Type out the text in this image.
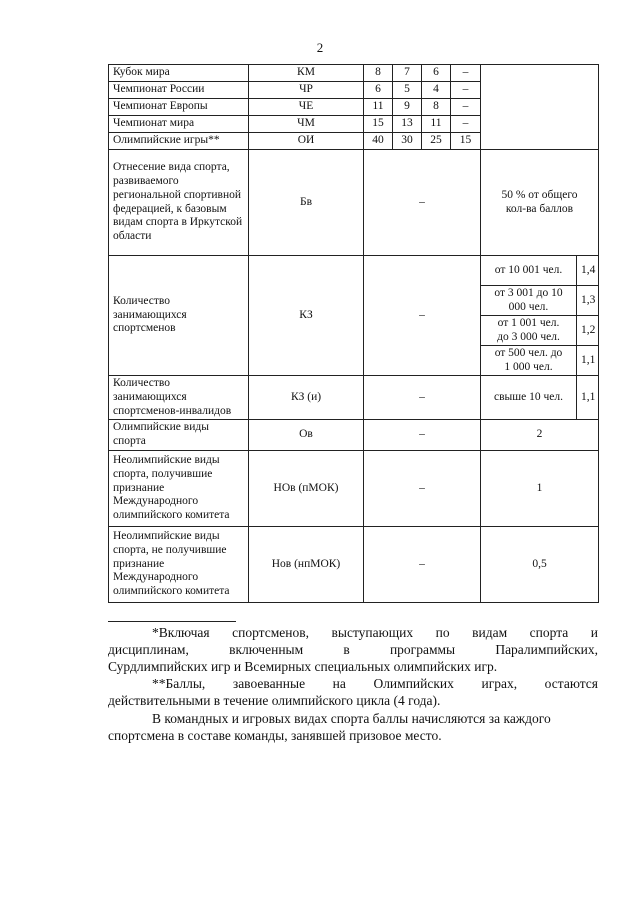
2
Кубок мира	КМ	8	7	6	–		
Чемпионат России	ЧР	6	5	4	–		
Чемпионат Европы	ЧЕ	11	9	8	–		
Чемпионат мира	ЧМ	15	13	11	–		
Олимпийские игры**	ОИ	40	30	25	15		
Отнесение вида спорта, развиваемого региональной спортивной федерацией, к базовым видам спорта в Иркутской области	Бв	–				50 % от общего кол-ва баллов	
Количество занимающихся спортсменов	КЗ	–				от 10 001 чел.	1,4
						от 3 001 до 10 000 чел.	1,3
						от 1 001 чел. до 3 000 чел.	1,2
						от 500 чел. до 1 000 чел.	1,1
Количество занимающихся спортсменов-инвалидов	КЗ (и)	–				свыше 10 чел.	1,1
Олимпийские виды спорта	Ов	–				2	
Неолимпийские виды спорта, получившие признание Международного олимпийского комитета	НОв (пМОК)	–				1	
Неолимпийские виды спорта, не получившие признание Международного олимпийского комитета	Нов (нпМОК)	–				0,5	

*Включая спортсменов, выступающих по видам спорта и
дисциплинам, включенным в программы Паралимпийских,
Сурдлимпийских игр и Всемирных специальных олимпийских игр.

**Баллы, завоеванные на Олимпийских играх, остаются
действительными в течение олимпийского цикла (4 года).

В командных и игровых видах спорта баллы начисляются за каждого
спортсмена в составе команды, занявшей призовое место.
